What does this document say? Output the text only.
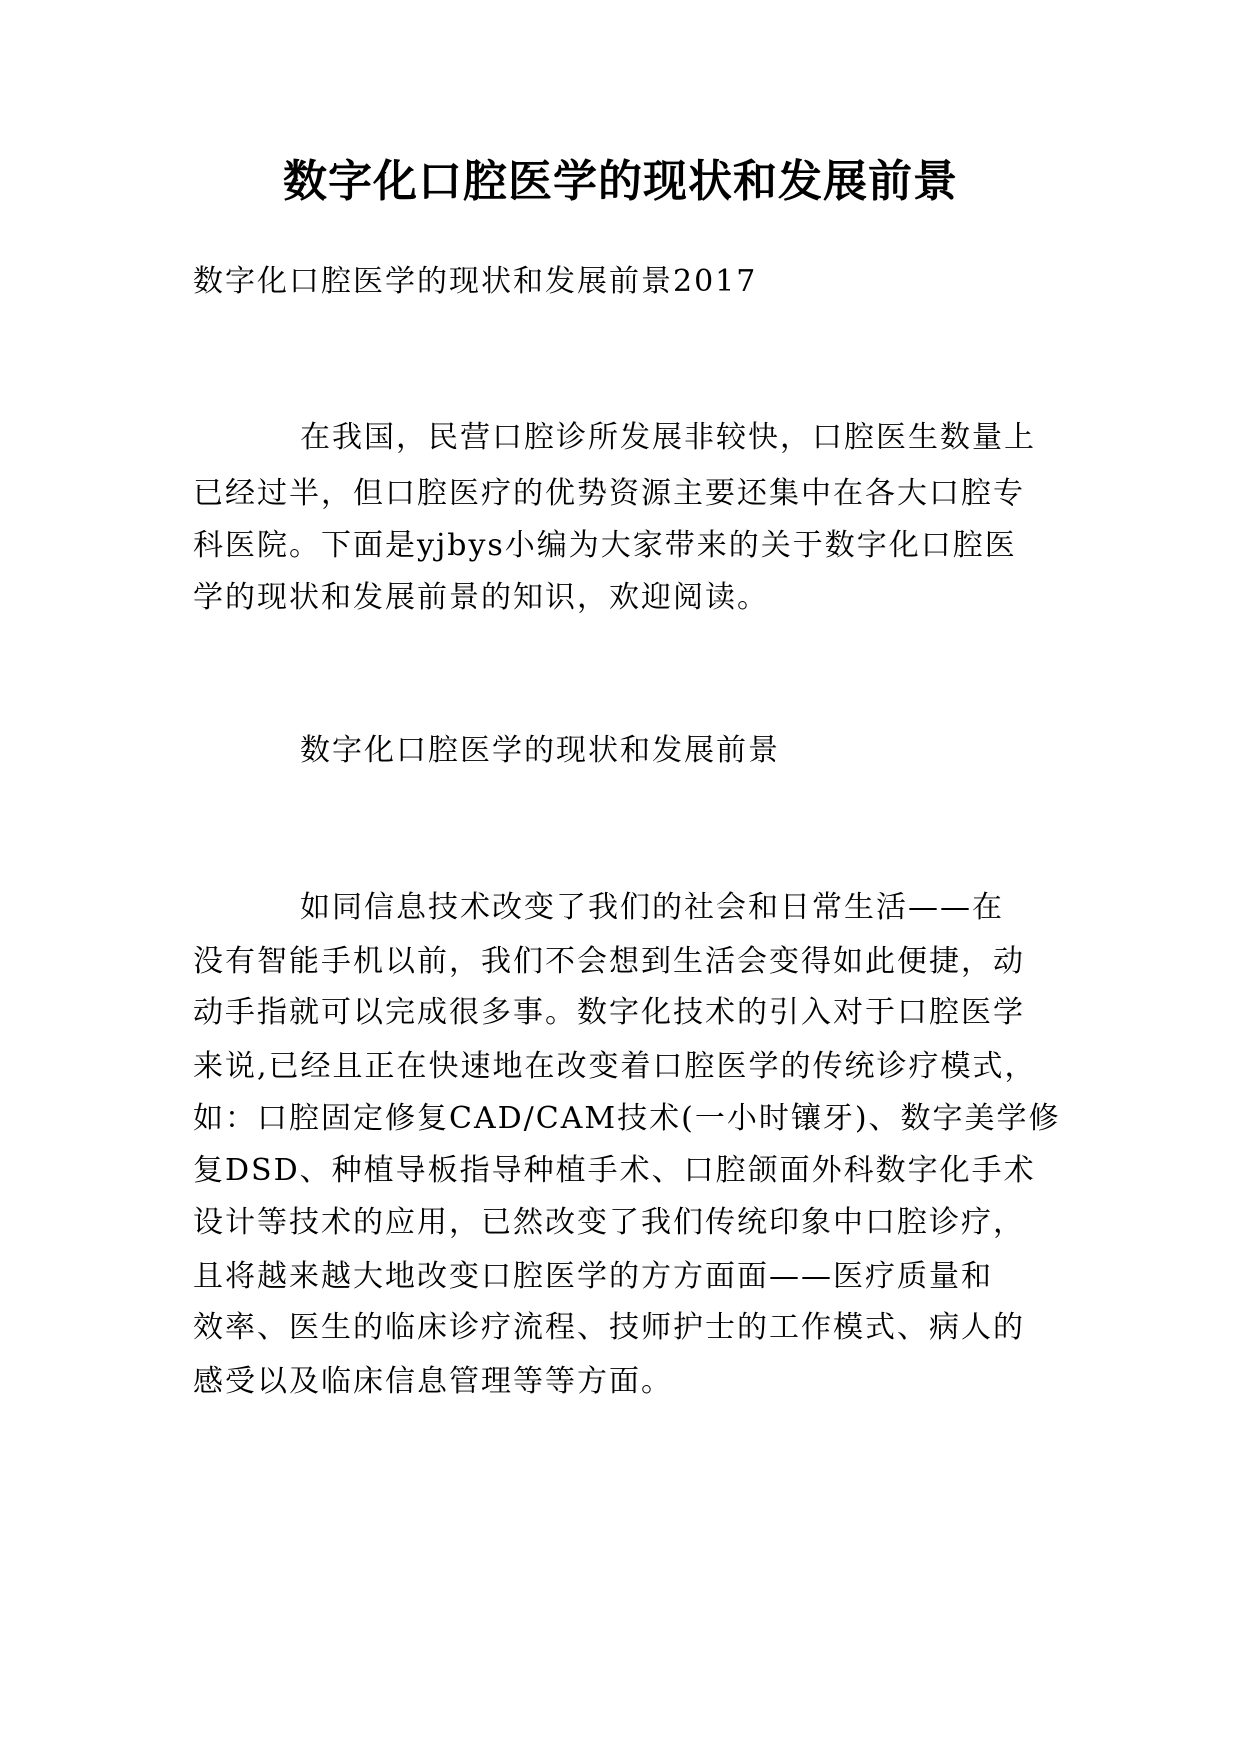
数字化口腔医学的现状和发展前景

数字化口腔医学的现状和发展前景2017

在我国，民营口腔诊所发展非较快，口腔医生数量上

已经过半，但口腔医疗的优势资源主要还集中在各大口腔专

科医院。下面是yjbys小编为大家带来的关于数字化口腔医

学的现状和发展前景的知识，欢迎阅读。

数字化口腔医学的现状和发展前景

如同信息技术改变了我们的社会和日常生活——在

没有智能手机以前，我们不会想到生活会变得如此便捷，动

动手指就可以完成很多事。数字化技术的引入对于口腔医学

来说,已经且正在快速地在改变着口腔医学的传统诊疗模式，

如：口腔固定修复CAD/CAM技术(一小时镶牙)、数字美学修

复DSD、种植导板指导种植手术、口腔颌面外科数字化手术

设计等技术的应用，已然改变了我们传统印象中口腔诊疗，

且将越来越大地改变口腔医学的方方面面——医疗质量和

效率、医生的临床诊疗流程、技师护士的工作模式、病人的

感受以及临床信息管理等等方面。
